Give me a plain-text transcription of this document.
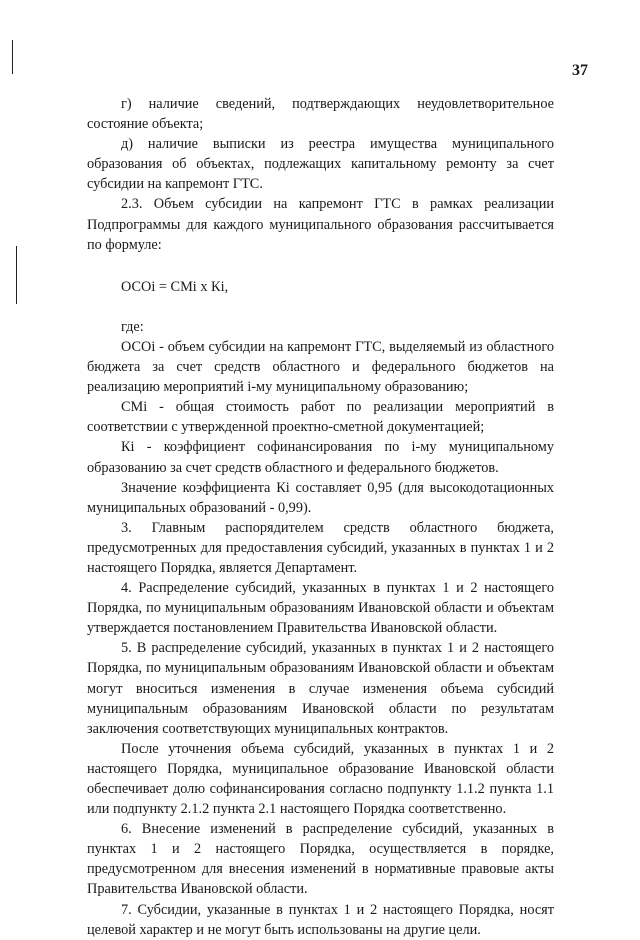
37

г) наличие сведений, подтверждающих неудовлетворительное состояние объекта;

д) наличие выписки из реестра имущества муниципального образования об объектах, подлежащих капитальному ремонту за счет субсидии на капремонт ГТС.

2.3. Объем субсидии на капремонт ГТС в рамках реализации Подпрограммы для каждого муниципального образования рассчитывается по формуле:

ОСОi = СМi x Кi,

где:

ОСОi - объем субсидии на капремонт ГТС, выделяемый из областного бюджета за счет средств областного и федерального бюджетов на реализацию мероприятий i-му муниципальному образованию;

СМi - общая стоимость работ по реализации мероприятий в соответствии с утвержденной проектно-сметной документацией;

Кi - коэффициент софинансирования по i-му муниципальному образованию за счет средств областного и федерального бюджетов.

Значение коэффициента Кi составляет 0,95 (для высокодотационных муниципальных образований - 0,99).

3. Главным распорядителем средств областного бюджета, предусмотренных для предоставления субсидий, указанных в пунктах 1 и 2 настоящего Порядка, является Департамент.

4. Распределение субсидий, указанных в пунктах 1 и 2 настоящего Порядка, по муниципальным образованиям Ивановской области и объектам утверждается постановлением Правительства Ивановской области.

5. В распределение субсидий, указанных в пунктах 1 и 2 настоящего Порядка, по муниципальным образованиям Ивановской области и объектам могут вноситься изменения в случае изменения объема субсидий муниципальным образованиям Ивановской области по результатам заключения соответствующих муниципальных контрактов.

После уточнения объема субсидий, указанных в пунктах 1 и 2 настоящего Порядка, муниципальное образование Ивановской области обеспечивает долю софинансирования согласно подпункту 1.1.2 пункта 1.1 или подпункту 2.1.2 пункта 2.1 настоящего Порядка соответственно.

6. Внесение изменений в распределение субсидий, указанных в пунктах 1 и 2 настоящего Порядка, осуществляется в порядке, предусмотренном для внесения изменений в нормативные правовые акты Правительства Ивановской области.

7. Субсидии, указанные в пунктах 1 и 2 настоящего Порядка, носят целевой характер и не могут быть использованы на другие цели.
